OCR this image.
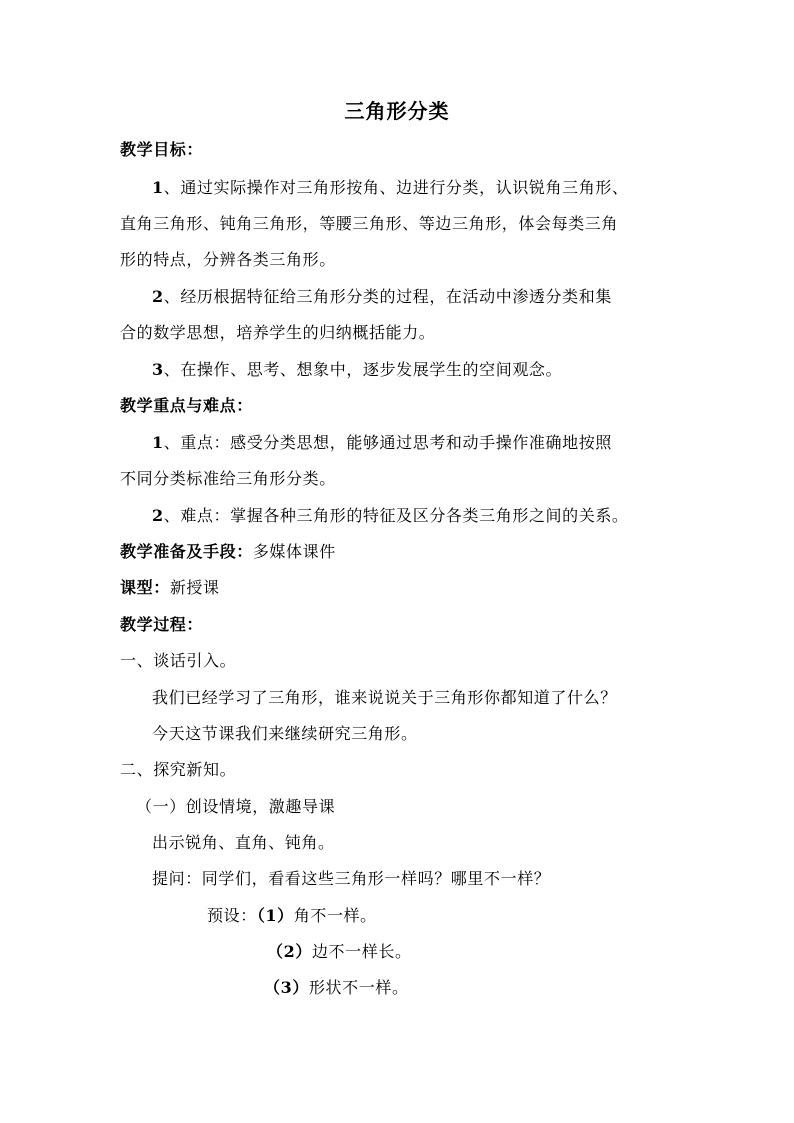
三角形分类
教学目标：
1、通过实际操作对三角形按角、边进行分类，认识锐角三角形、
直角三角形、钝角三角形，等腰三角形、等边三角形，体会每类三角
形的特点，分辨各类三角形。
2、经历根据特征给三角形分类的过程，在活动中渗透分类和集
合的数学思想，培养学生的归纳概括能力。
3、在操作、思考、想象中，逐步发展学生的空间观念。
教学重点与难点：
1、重点：感受分类思想，能够通过思考和动手操作准确地按照
不同分类标准给三角形分类。
2、难点：掌握各种三角形的特征及区分各类三角形之间的关系。
教学准备及手段：多媒体课件
课型：新授课
教学过程：
一、谈话引入。
我们已经学习了三角形，谁来说说关于三角形你都知道了什么？
今天这节课我们来继续研究三角形。
二、探究新知。
（一）创设情境，激趣导课
出示锐角、直角、钝角。
提问：同学们，看看这些三角形一样吗？哪里不一样？
预设：（1）角不一样。
（2）边不一样长。
（3）形状不一样。
